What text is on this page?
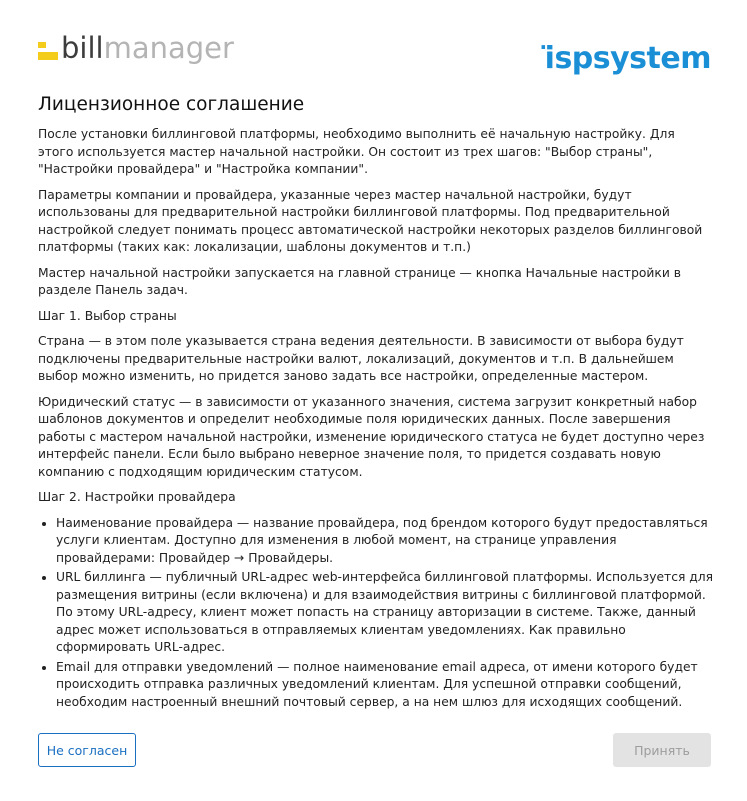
billmanager	·ispsystem
Лицензионное соглашение

После установки биллинговой платформы, необходимо выполнить её начальную настройку. Для этого используется мастер начальной настройки. Он состоит из трех шагов: "Выбор страны", "Настройки провайдера" и "Настройка компании".

Параметры компании и провайдера, указанные через мастер начальной настройки, будут использованы для предварительной настройки биллинговой платформы. Под предварительной настройкой следует понимать процесс автоматической настройки некоторых разделов биллинговой платформы (таких как: локализации, шаблоны документов и т.п.)

Мастер начальной настройки запускается на главной странице — кнопка Начальные настройки в разделе Панель задач.

Шаг 1. Выбор страны

Страна — в этом поле указывается страна ведения деятельности. В зависимости от выбора будут подключены предварительные настройки валют, локализаций, документов и т.п. В дальнейшем выбор можно изменить, но придется заново задать все настройки, определенные мастером.

Юридический статус — в зависимости от указанного значения, система загрузит конкретный набор шаблонов документов и определит необходимые поля юридических данных. После завершения работы с мастером начальной настройки, изменение юридического статуса не будет доступно через интерфейс панели. Если было выбрано неверное значение поля, то придется создавать новую компанию с подходящим юридическим статусом.

Шаг 2. Настройки провайдера

• Наименование провайдера — название провайдера, под брендом которого будут предоставляться услуги клиентам. Доступно для изменения в любой момент, на странице управления провайдерами: Провайдер → Провайдеры.
• URL биллинга — публичный URL-адрес web-интерфейса биллинговой платформы. Используется для размещения витрины (если включена) и для взаимодействия витрины с биллинговой платформой. По этому URL-адресу, клиент может попасть на страницу авторизации в системе. Также, данный адрес может использоваться в отправляемых клиентам уведомлениях. Как правильно сформировать URL-адрес.
• Email для отправки уведомлений — полное наименование email адреса, от имени которого будет происходить отправка различных уведомлений клиентам. Для успешной отправки сообщений, необходим настроенный внешний почтовый сервер, а на нем шлюз для исходящих сообщений.
Не согласен	Принять
